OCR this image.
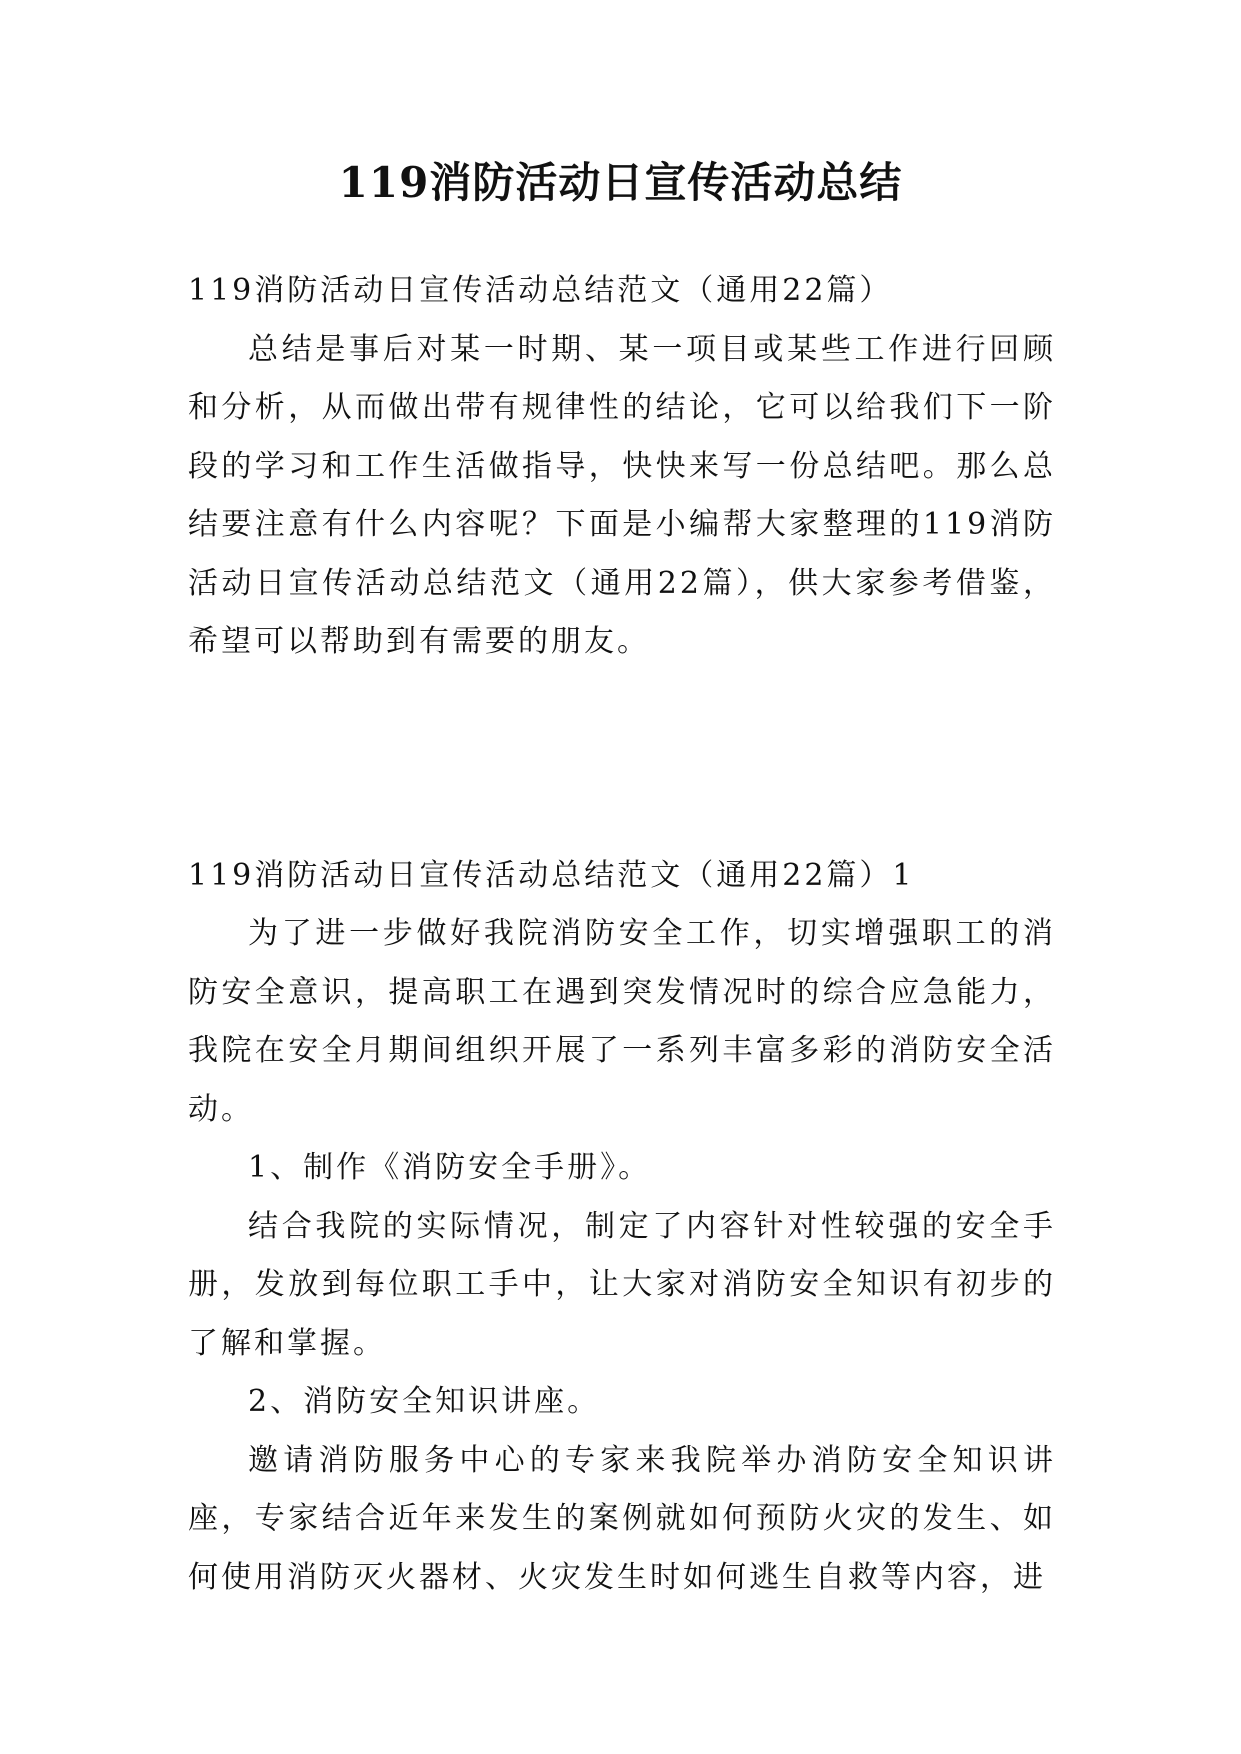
119消防活动日宣传活动总结

119消防活动日宣传活动总结范文（通用22篇）

总结是事后对某一时期、某一项目或某些工作进行回顾和分析，从而做出带有规律性的结论，它可以给我们下一阶段的学习和工作生活做指导，快快来写一份总结吧。那么总结要注意有什么内容呢？下面是小编帮大家整理的119消防活动日宣传活动总结范文（通用22篇），供大家参考借鉴，希望可以帮助到有需要的朋友。

119消防活动日宣传活动总结范文（通用22篇）1

为了进一步做好我院消防安全工作，切实增强职工的消防安全意识，提高职工在遇到突发情况时的综合应急能力，我院在安全月期间组织开展了一系列丰富多彩的消防安全活动。

1、制作《消防安全手册》。

结合我院的实际情况，制定了内容针对性较强的安全手册，发放到每位职工手中，让大家对消防安全知识有初步的了解和掌握。

2、消防安全知识讲座。

邀请消防服务中心的专家来我院举办消防安全知识讲座，专家结合近年来发生的案例就如何预防火灾的发生、如何使用消防灭火器材、火灾发生时如何逃生自救等内容，进
